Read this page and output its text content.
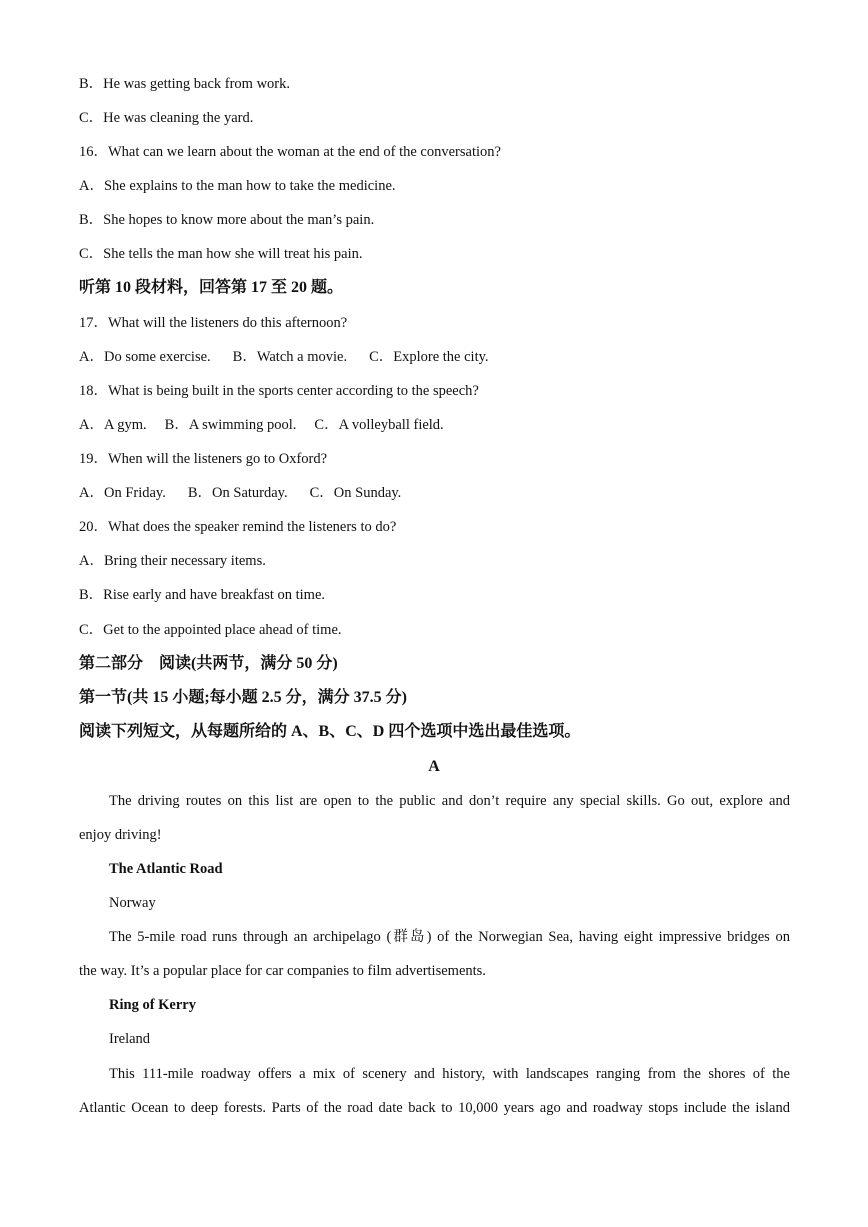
B．He was getting back from work.
C．He was cleaning the yard.
16．What can we learn about the woman at the end of the conversation?
A．She explains to the man how to take the medicine.
B．She hopes to know more about the man’s pain.
C．She tells the man how she will treat his pain.
听第 10 段材料，回答第 17 至 20 题。
17．What will the listeners do this afternoon?
A．Do some exercise. B．Watch a movie. C．Explore the city.
18．What is being built in the sports center according to the speech?
A．A gym. B．A swimming pool. C．A volleyball field.
19．When will the listeners go to Oxford?
A．On Friday. B．On Saturday. C．On Sunday.
20．What does the speaker remind the listeners to do?
A．Bring their necessary items.
B．Rise early and have breakfast on time.
C．Get to the appointed place ahead of time.
第二部分　阅读(共两节，满分 50 分)
第一节(共 15 小题;每小题 2.5 分，满分 37.5 分)
阅读下列短文，从每题所给的 A、B、C、D 四个选项中选出最佳选项。
A
The driving routes on this list are open to the public and don’t require any special skills. Go out, explore and
enjoy driving!
The Atlantic Road
Norway
The 5-mile road runs through an archipelago (群岛) of the Norwegian Sea, having eight impressive bridges on
the way. It’s a popular place for car companies to film advertisements.
Ring of Kerry
Ireland
This 111-mile roadway offers a mix of scenery and history, with landscapes ranging from the shores of the
Atlantic Ocean to deep forests. Parts of the road date back to 10,000 years ago and roadway stops include the island
